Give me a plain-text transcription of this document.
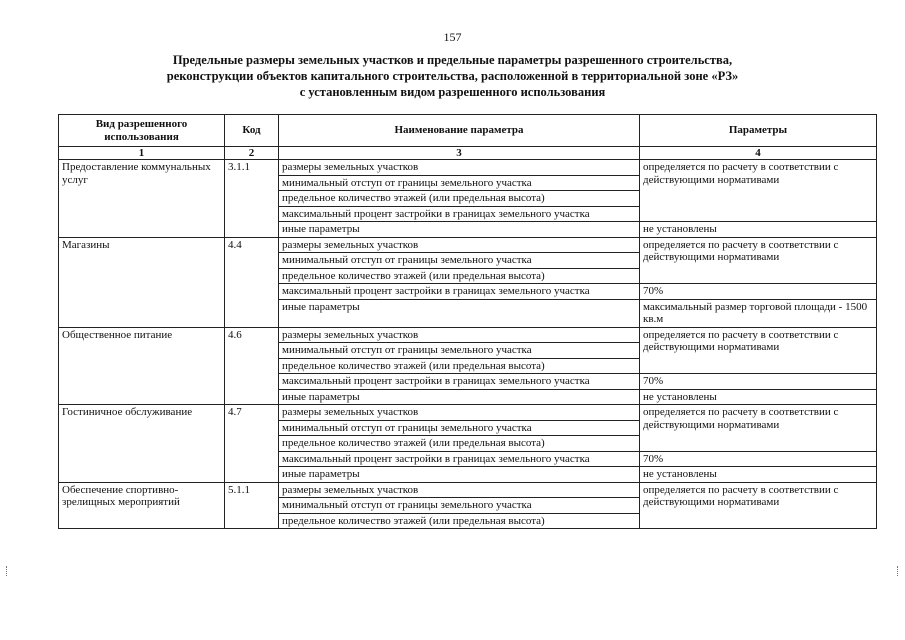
157
Предельные размеры земельных участков и предельные параметры разрешенного строительства,
реконструкции объектов капитального строительства, расположенной в территориальной зоне «РЗ»
с установленным видом разрешенного использования
Вид разрешенного использования	Код	Наименование параметра	Параметры
1	2	3	4
Предоставление коммунальных услуг	3.1.1	размеры земельных участков	определяется по расчету в соответствии с действующими нормативами
		минимальный отступ от границы земельного участка	
		предельное количество этажей (или предельная высота)	
		максимальный процент застройки в границах земельного участка	
		иные параметры	не установлены
Магазины	4.4	размеры земельных участков	определяется по расчету в соответствии с действующими нормативами
		минимальный отступ от границы земельного участка	
		предельное количество этажей (или предельная высота)	
		максимальный процент застройки в границах земельного участка	70%
		иные параметры	максимальный размер торговой площади - 1500 кв.м
Общественное питание	4.6	размеры земельных участков	определяется по расчету в соответствии с действующими нормативами
		минимальный отступ от границы земельного участка	
		предельное количество этажей (или предельная высота)	
		максимальный процент застройки в границах земельного участка	70%
		иные параметры	не установлены
Гостиничное обслуживание	4.7	размеры земельных участков	определяется по расчету в соответствии с действующими нормативами
		минимальный отступ от границы земельного участка	
		предельное количество этажей (или предельная высота)	
		максимальный процент застройки в границах земельного участка	70%
		иные параметры	не установлены
Обеспечение спортивно-зрелищных мероприятий	5.1.1	размеры земельных участков	определяется по расчету в соответствии с действующими нормативами
		минимальный отступ от границы земельного участка	
		предельное количество этажей (или предельная высота)	
